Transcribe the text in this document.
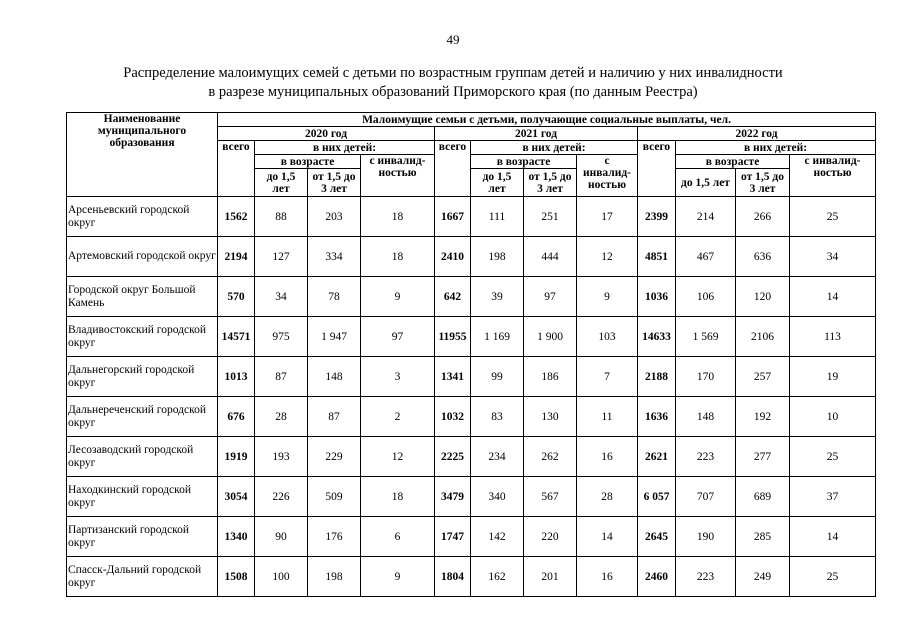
49
Распределение малоимущих семей с детьми по возрастным группам детей и наличию у них инвалидности
в разрезе муниципальных образований Приморского края (по данным Реестра)
Наименование муниципального образования	Малоимущие семьи с детьми, получающие социальные выплаты, чел.											
	2020 год				2021 год				2022 год			
	всего	в них детей:			всего	в них детей:			всего	в них детей:		
		в возрасте		с инвалид-ностью		в возрасте		с инвалид-ностью		в возрасте		с инвалид-ностью
		до 1,5 лет	от 1,5 до 3 лет			до 1,5 лет	от 1,5 до 3 лет			до 1,5 лет	от 1,5 до 3 лет	
Арсеньевский городской округ	1562	88	203	18	1667	111	251	17	2399	214	266	25
Артемовский городской округ	2194	127	334	18	2410	198	444	12	4851	467	636	34
Городской округ Большой Камень	570	34	78	9	642	39	97	9	1036	106	120	14
Владивостокский городской округ	14571	975	1 947	97	11955	1 169	1 900	103	14633	1 569	2106	113
Дальнегорский городской округ	1013	87	148	3	1341	99	186	7	2188	170	257	19
Дальнереченский городской округ	676	28	87	2	1032	83	130	11	1636	148	192	10
Лесозаводский городской округ	1919	193	229	12	2225	234	262	16	2621	223	277	25
Находкинский городской округ	3054	226	509	18	3479	340	567	28	6 057	707	689	37
Партизанский городской округ	1340	90	176	6	1747	142	220	14	2645	190	285	14
Спасск-Дальний городской округ	1508	100	198	9	1804	162	201	16	2460	223	249	25
